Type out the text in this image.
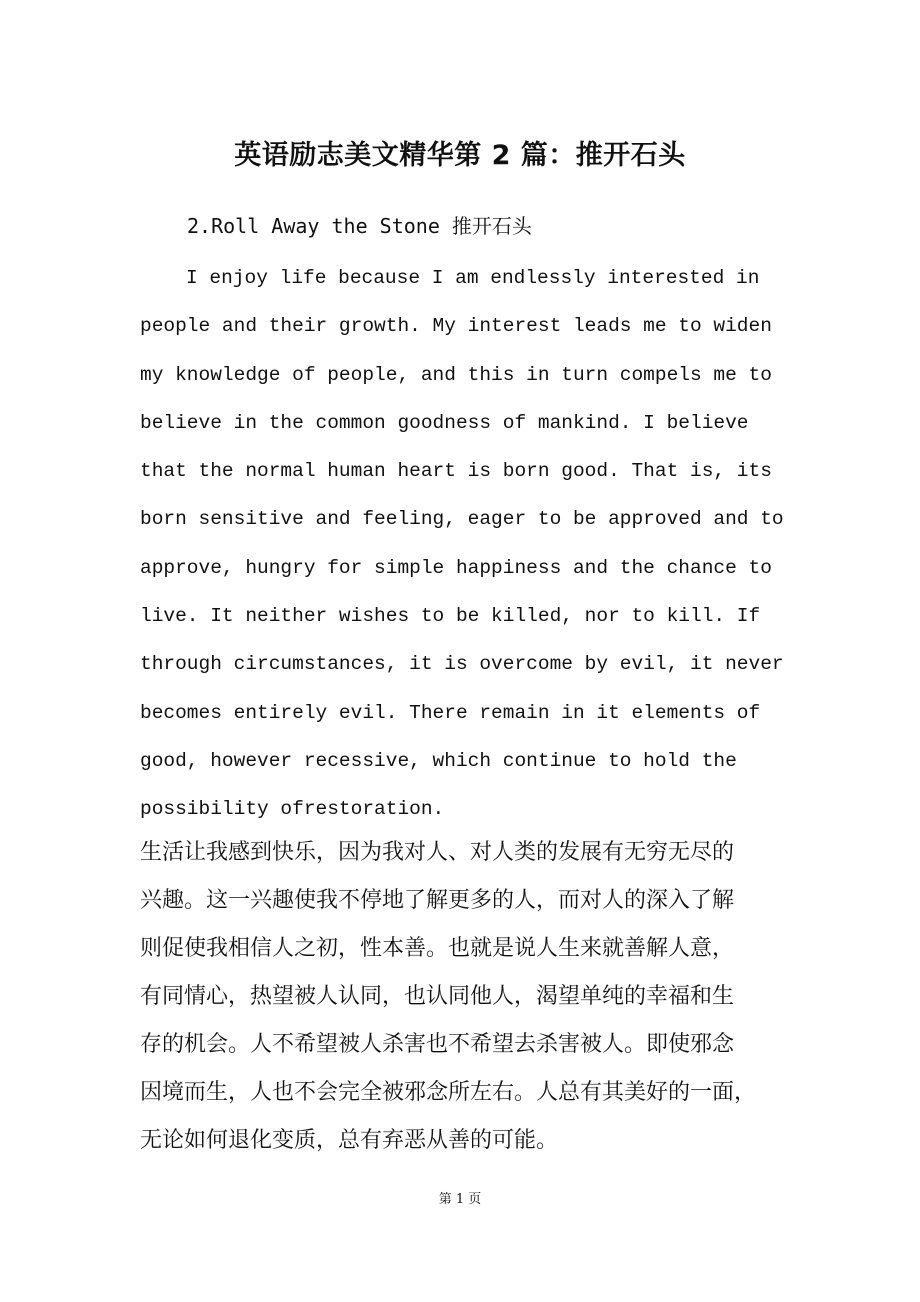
英语励志美文精华第 2 篇：推开石头
2.Roll Away the Stone 推开石头
I enjoy life because I am endlessly interested in
people and their growth. My interest leads me to widen
my knowledge of people, and this in turn compels me to
believe in the common goodness of mankind. I believe
that the normal human heart is born good. That is, its
born sensitive and feeling, eager to be approved and to
approve, hungry for simple happiness and the chance to
live. It neither wishes to be killed, nor to kill. If
through circumstances, it is overcome by evil, it never
becomes entirely evil. There remain in it elements of
good, however recessive, which continue to hold the
possibility ofrestoration.
生活让我感到快乐，因为我对人、对人类的发展有无穷无尽的
兴趣。这一兴趣使我不停地了解更多的人，而对人的深入了解
则促使我相信人之初，性本善。也就是说人生来就善解人意，
有同情心，热望被人认同，也认同他人，渴望单纯的幸福和生
存的机会。人不希望被人杀害也不希望去杀害被人。即使邪念
因境而生，人也不会完全被邪念所左右。人总有其美好的一面，
无论如何退化变质，总有弃恶从善的可能。
第 1 页
